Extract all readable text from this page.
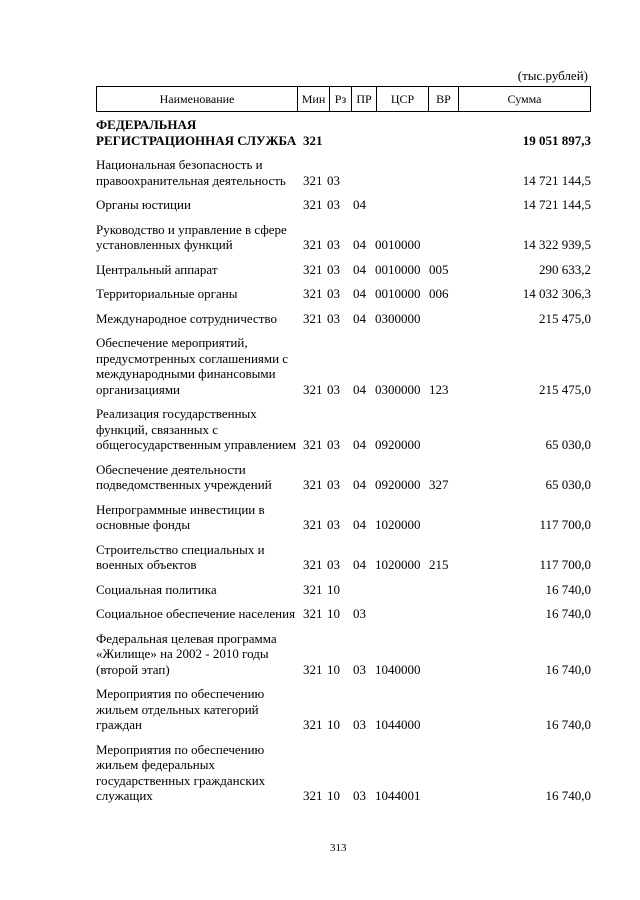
(тыс.рублей)
Наименование	Мин Рз ПР	ЦСР	ВР	Сумма
ФЕДЕРАЛЬНАЯ РЕГИСТРАЦИОННАЯ СЛУЖБА	321					19 051 897,3
Национальная безопасность и правоохранительная деятельность	321	03				14 721 144,5
Органы юстиции	321	03	04			14 721 144,5
Руководство и управление в сфере установленных функций	321	03	04	0010000		14 322 939,5
Центральный аппарат	321	03	04	0010000	005	290 633,2
Территориальные органы	321	03	04	0010000	006	14 032 306,3
Международное сотрудничество	321	03	04	0300000		215 475,0
Обеспечение мероприятий, предусмотренных соглашениями с международными финансовыми организациями	321	03	04	0300000	123	215 475,0
Реализация государственных функций, связанных с общегосударственным управлением	321	03	04	0920000		65 030,0
Обеспечение деятельности подведомственных учреждений	321	03	04	0920000	327	65 030,0
Непрограммные инвестиции в основные фонды	321	03	04	1020000		117 700,0
Строительство специальных и военных объектов	321	03	04	1020000	215	117 700,0
Социальная политика	321	10				16 740,0
Социальное обеспечение населения	321	10	03			16 740,0
Федеральная целевая программа «Жилище» на 2002 - 2010 годы (второй этап)	321	10	03	1040000		16 740,0
Мероприятия по обеспечению жильем отдельных категорий граждан	321	10	03	1044000		16 740,0
Мероприятия по обеспечению жильем федеральных государственных гражданских служащих	321	10	03	1044001		16 740,0
313
